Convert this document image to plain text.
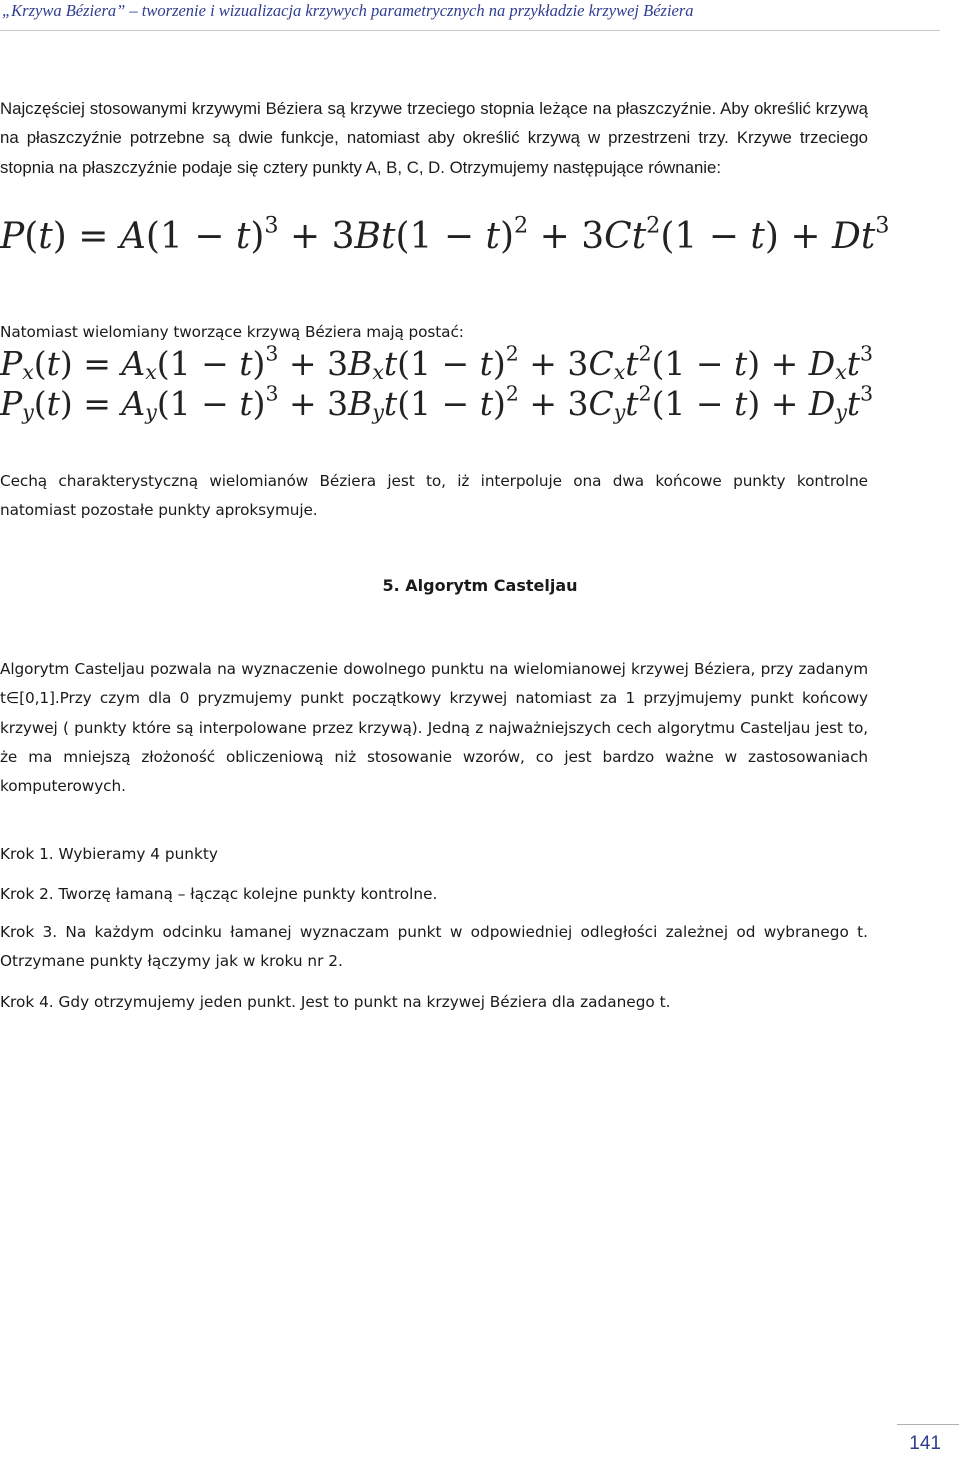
„Krzywa Béziera” – tworzenie i wizualizacja krzywych parametrycznych na przykładzie krzywej Béziera

Najczęściej stosowanymi krzywymi Béziera są krzywe trzeciego stopnia leżące na płaszczyźnie. Aby określić krzywą na płaszczyźnie potrzebne są dwie funkcje, natomiast aby określić krzywą w przestrzeni trzy. Krzywe trzeciego stopnia na płaszczyźnie podaje się cztery punkty A, B, C, D. Otrzymujemy następujące równanie:

$P(t) = A(1 - t)^3 + 3Bt(1 - t)^2 + 3Ct^2(1 - t) + Dt^3$

Natomiast wielomiany tworzące krzywą Béziera mają postać:

$P_x(t) = A_x(1 - t)^3 + 3B_xt(1 - t)^2 + 3C_xt^2(1 - t) + D_xt^3$
$P_y(t) = A_y(1 - t)^3 + 3B_yt(1 - t)^2 + 3C_yt^2(1 - t) + D_yt^3$

Cechą charakterystyczną wielomianów Béziera jest to, iż interpoluje ona dwa końcowe punkty kontrolne natomiast pozostałe punkty aproksymuje.

5. Algorytm Casteljau

Algorytm Casteljau pozwala na wyznaczenie dowolnego punktu na wielomianowej krzywej Béziera, przy zadanym t∈[0,1].Przy czym dla 0 pryzmujemy punkt początkowy krzywej natomiast za 1 przyjmujemy punkt końcowy krzywej ( punkty które są interpolowane przez krzywą). Jedną z najważniejszych cech algorytmu Casteljau jest to, że ma mniejszą złożoność obliczeniową niż stosowanie wzorów, co jest bardzo ważne w zastosowaniach komputerowych.

Krok 1. Wybieramy 4 punkty

Krok 2. Tworzę łamaną – łącząc kolejne punkty kontrolne.

Krok 3. Na każdym odcinku łamanej wyznaczam punkt w odpowiedniej odległości zależnej od wybranego t. Otrzymane punkty łączymy jak w kroku nr 2.

Krok 4. Gdy otrzymujemy jeden punkt. Jest to punkt na krzywej Béziera dla zadanego t.

141
